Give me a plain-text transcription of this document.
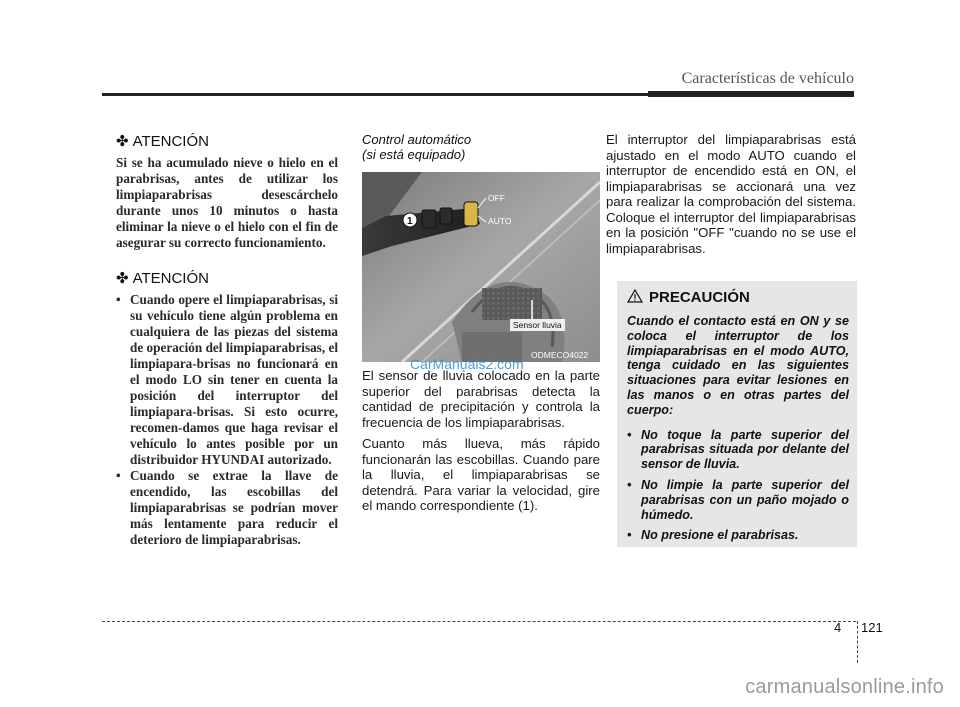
Características de vehículo
✤ ATENCIÓN

Si se ha acumulado nieve o hielo en el parabrisas, antes de utilizar los limpiaparabrisas desescárchelo durante unos 10 minutos o hasta eliminar la nieve o el hielo con el fin de asegurar su correcto funcionamiento.

✤ ATENCIÓN
• Cuando opere el limpiaparabrisas, si su vehículo tiene algún problema en cualquiera de las piezas del sistema de operación del limpiaparabrisas, el limpiapara-brisas no funcionará en el modo LO sin tener en cuenta la posición del interruptor del limpiapara-brisas. Si esto ocurre, recomen-damos que haga revisar el vehículo lo antes posible por un distribuidor HYUNDAI autorizado.
• Cuando se extrae la llave de encendido, las escobillas del limpiaparabrisas se podrían mover más lentamente para reducir el deterioro de limpiaparabrisas.
Control automático
(si está equipado)
1
OFF
AUTO
Sensor lluvia
ODMECO4022
CarManuals2.com

El sensor de lluvia colocado en la parte superior del parabrisas detecta la cantidad de precipitación y controla la frecuencia de los limpiaparabrisas.

Cuanto más llueva, más rápido funcionarán las escobillas. Cuando pare la lluvia, el limpiaparabrisas se detendrá. Para variar la velocidad, gire el mando correspondiente (1).

El interruptor del limpiaparabrisas está ajustado en el modo AUTO cuando el interruptor de encendido está en ON, el limpiaparabrisas se accionará una vez para realizar la comprobación del sistema. Coloque el interruptor del limpiaparabrisas en la posición "OFF "cuando no se use el limpiaparabrisas.

PRECAUCIÓN

Cuando el contacto está en ON y se coloca el interruptor de los limpiaparabrisas en el modo AUTO, tenga cuidado en las siguientes situaciones para evitar lesiones en las manos o en otras partes del cuerpo:

• No toque la parte superior del parabrisas situada por delante del sensor de lluvia.
• No limpie la parte superior del parabrisas con un paño mojado o húmedo.
• No presione el parabrisas.
4 121
carmanualsonline.info
